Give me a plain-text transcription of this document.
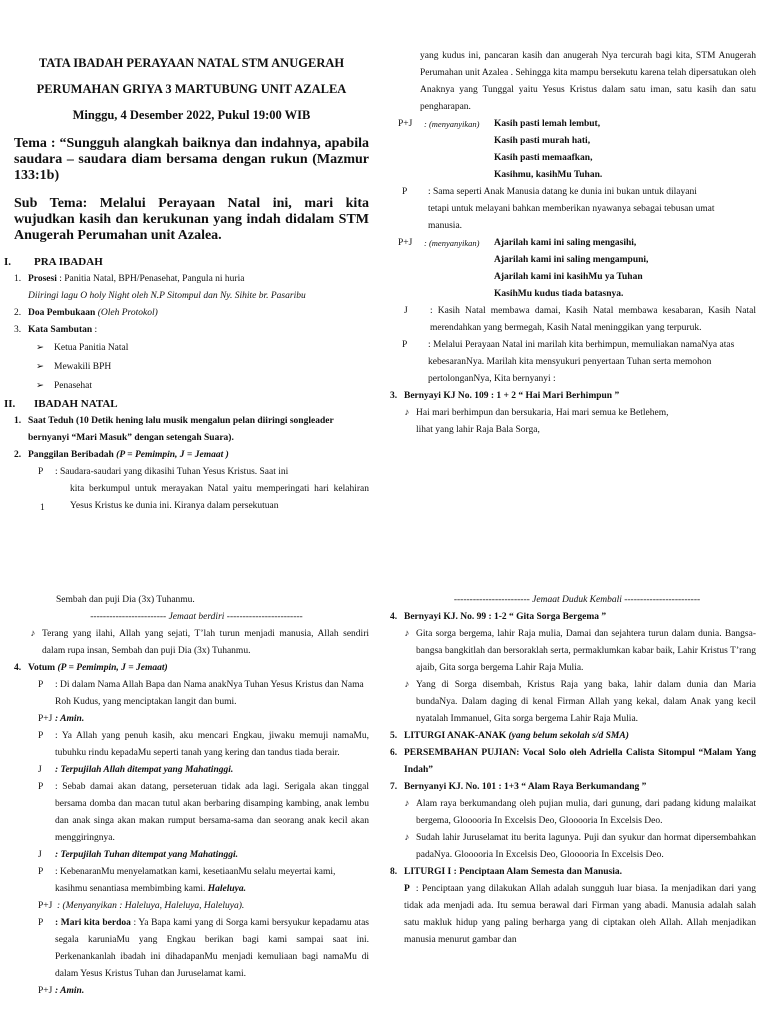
TATA IBADAH PERAYAAN NATAL STM ANUGERAH
PERUMAHAN GRIYA 3 MARTUBUNG UNIT AZALEA
Minggu, 4 Desember 2022, Pukul 19:00 WIB
Tema : “Sungguh alangkah baiknya dan indahnya, apabila saudara – saudara diam bersama dengan rukun (Mazmur 133:1b)
Sub Tema: Melalui Perayaan Natal ini, mari kita wujudkan kasih dan kerukunan yang indah didalam STM Anugerah Perumahan unit Azalea.
I.	PRA IBADAH
1. Prosesi : Panitia Natal, BPH/Penasehat, Pangula ni huria
Diiringi lagu O holy Night oleh N.P Sitompul dan Ny. Sihite br. Pasaribu
2. Doa Pembukaan (Oleh Protokol)
3. Kata Sambutan :
➢ Ketua Panitia Natal
➢ Mewakili BPH
➢ Penasehat
II.	IBADAH NATAL
1. Saat Teduh (10 Detik hening lalu musik mengalun pelan diiringi songleader bernyanyi “Mari Masuk” dengan setengah Suara).
2. Panggilan Beribadah (P = Pemimpin, J = Jemaat )
P	: Saudara-saudari yang dikasihi Tuhan Yesus Kristus. Saat ini
kita berkumpul untuk merayakan Natal yaitu memperingati hari kelahiran Yesus Kristus ke dunia ini. Kiranya dalam persekutuan
yang kudus ini, pancaran kasih dan anugerah Nya tercurah bagi kita, STM Anugerah Perumahan unit Azalea . Sehingga kita mampu bersekutu karena telah dipersatukan oleh Anaknya yang Tunggal yaitu Yesus Kristus dalam satu iman, satu kasih dan satu pengharapan.
P+J	: (menyanyikan)	Kasih pasti lemah lembut,
Kasih pasti murah hati,
Kasih pasti memaafkan,
Kasihmu, kasihMu Tuhan.
P	: Sama seperti Anak Manusia datang ke dunia ini bukan untuk dilayani tetapi untuk melayani bahkan memberikan nyawanya sebagai tebusan umat manusia.
P+J	: (menyanyikan)	Ajarilah kami ini saling mengasihi,
Ajarilah kami ini saling mengampuni,
Ajarilah kami ini kasihMu ya Tuhan
KasihMu kudus tiada batasnya.
J	: Kasih Natal membawa damai, Kasih Natal membawa kesabaran, Kasih Natal merendahkan yang bermegah, Kasih Natal meninggikan yang terpuruk.
P	: Melalui Perayaan Natal ini marilah kita berhimpun, memuliakan namaNya atas kebesaranNya. Marilah kita mensyukuri penyertaan Tuhan serta memohon pertolonganNya, Kita bernyanyi :
3. Bernyayi KJ No. 109 : 1 + 2 “ Hai Mari Berhimpun ”
♪ Hai mari berhimpun dan bersukaria, Hai mari semua ke Betlehem, lihat yang lahir Raja Bala Sorga,
1
Sembah dan puji Dia (3x) Tuhanmu.
------------------------ Jemaat berdiri ------------------------
♪ Terang yang ilahi, Allah yang sejati, T’lah turun menjadi manusia, Allah sendiri dalam rupa insan, Sembah dan puji Dia (3x) Tuhanmu.
4. Votum (P = Pemimpin, J = Jemaat)
P	: Di dalam Nama Allah Bapa dan Nama anakNya Tuhan Yesus Kristus dan Nama Roh Kudus, yang menciptakan langit dan bumi.
P+J : Amin.
P	: Ya Allah yang penuh kasih, aku mencari Engkau, jiwaku memuji namaMu, tubuhku rindu kepadaMu seperti tanah yang kering dan tandus tiada berair.
J	: Terpujilah Allah ditempat yang Mahatinggi.
P	: Sebab damai akan datang, perseteruan tidak ada lagi. Serigala akan tinggal bersama domba dan macan tutul akan berbaring disamping kambing, anak lembu dan anak singa akan makan rumput bersama-sama dan seorang anak kecil akan menggiringnya.
J	: Terpujilah Tuhan ditempat yang Mahatinggi.
P	: KebenaranMu menyelamatkan kami, kesetiaanMu selalu meyertai kami, kasihmu senantiasa membimbing kami. Haleluya.
P+J : (Menyanyikan : Haleluya, Haleluya, Haleluya).
P	: Mari kita berdoa : Ya Bapa kami yang di Sorga kami bersyukur kepadamu atas segala karuniaMu yang Engkau berikan bagi kami sampai saat ini. Perkenankanlah ibadah ini dihadapanMu menjadi kemuliaan bagi namaMu di dalam Yesus Kristus Tuhan dan Juruselamat kami.
P+J : Amin.
------------------------ Jemaat Duduk Kembali ------------------------
4. Bernyayi KJ. No. 99 : 1-2 “ Gita Sorga Bergema ”
♪ Gita sorga bergema, lahir Raja mulia, Damai dan sejahtera turun dalam dunia. Bangsa-bangsa bangkitlah dan bersoraklah serta, permaklumkan kabar baik, Lahir Kristus T’rang ajaib, Gita sorga bergema Lahir Raja Mulia.
♪ Yang di Sorga disembah, Kristus Raja yang baka, lahir dalam dunia dan Maria bundaNya. Dalam daging di kenal Firman Allah yang kekal, dalam Anak yang kecil nyatalah Immanuel, Gita sorga bergema Lahir Raja Mulia.
5. LITURGI ANAK-ANAK (yang belum sekolah s/d SMA)
6. PERSEMBAHAN PUJIAN: Vocal Solo oleh Adriella Calista Sitompul “Malam Yang Indah”
7. Bernyanyi KJ. No. 101 : 1+3 “ Alam Raya Berkumandang ”
♪ Alam raya berkumandang oleh pujian mulia, dari gunung, dari padang kidung malaikat bergema, Glooooria In Excelsis Deo, Glooooria In Excelsis Deo.
♪ Sudah lahir Juruselamat itu berita lagunya. Puji dan syukur dan hormat dipersembahkan padaNya. Glooooria In Excelsis Deo, Glooooria In Excelsis Deo.
8. LITURGI I : Penciptaan Alam Semesta dan Manusia.
P : Penciptaan yang dilakukan Allah adalah sungguh luar biasa. Ia menjadikan dari yang tidak ada menjadi ada. Itu semua berawal dari Firman yang abadi. Manusia adalah salah satu makluk hidup yang paling berharga yang di ciptakan oleh Allah. Allah menjadikan manusia menurut gambar dan
